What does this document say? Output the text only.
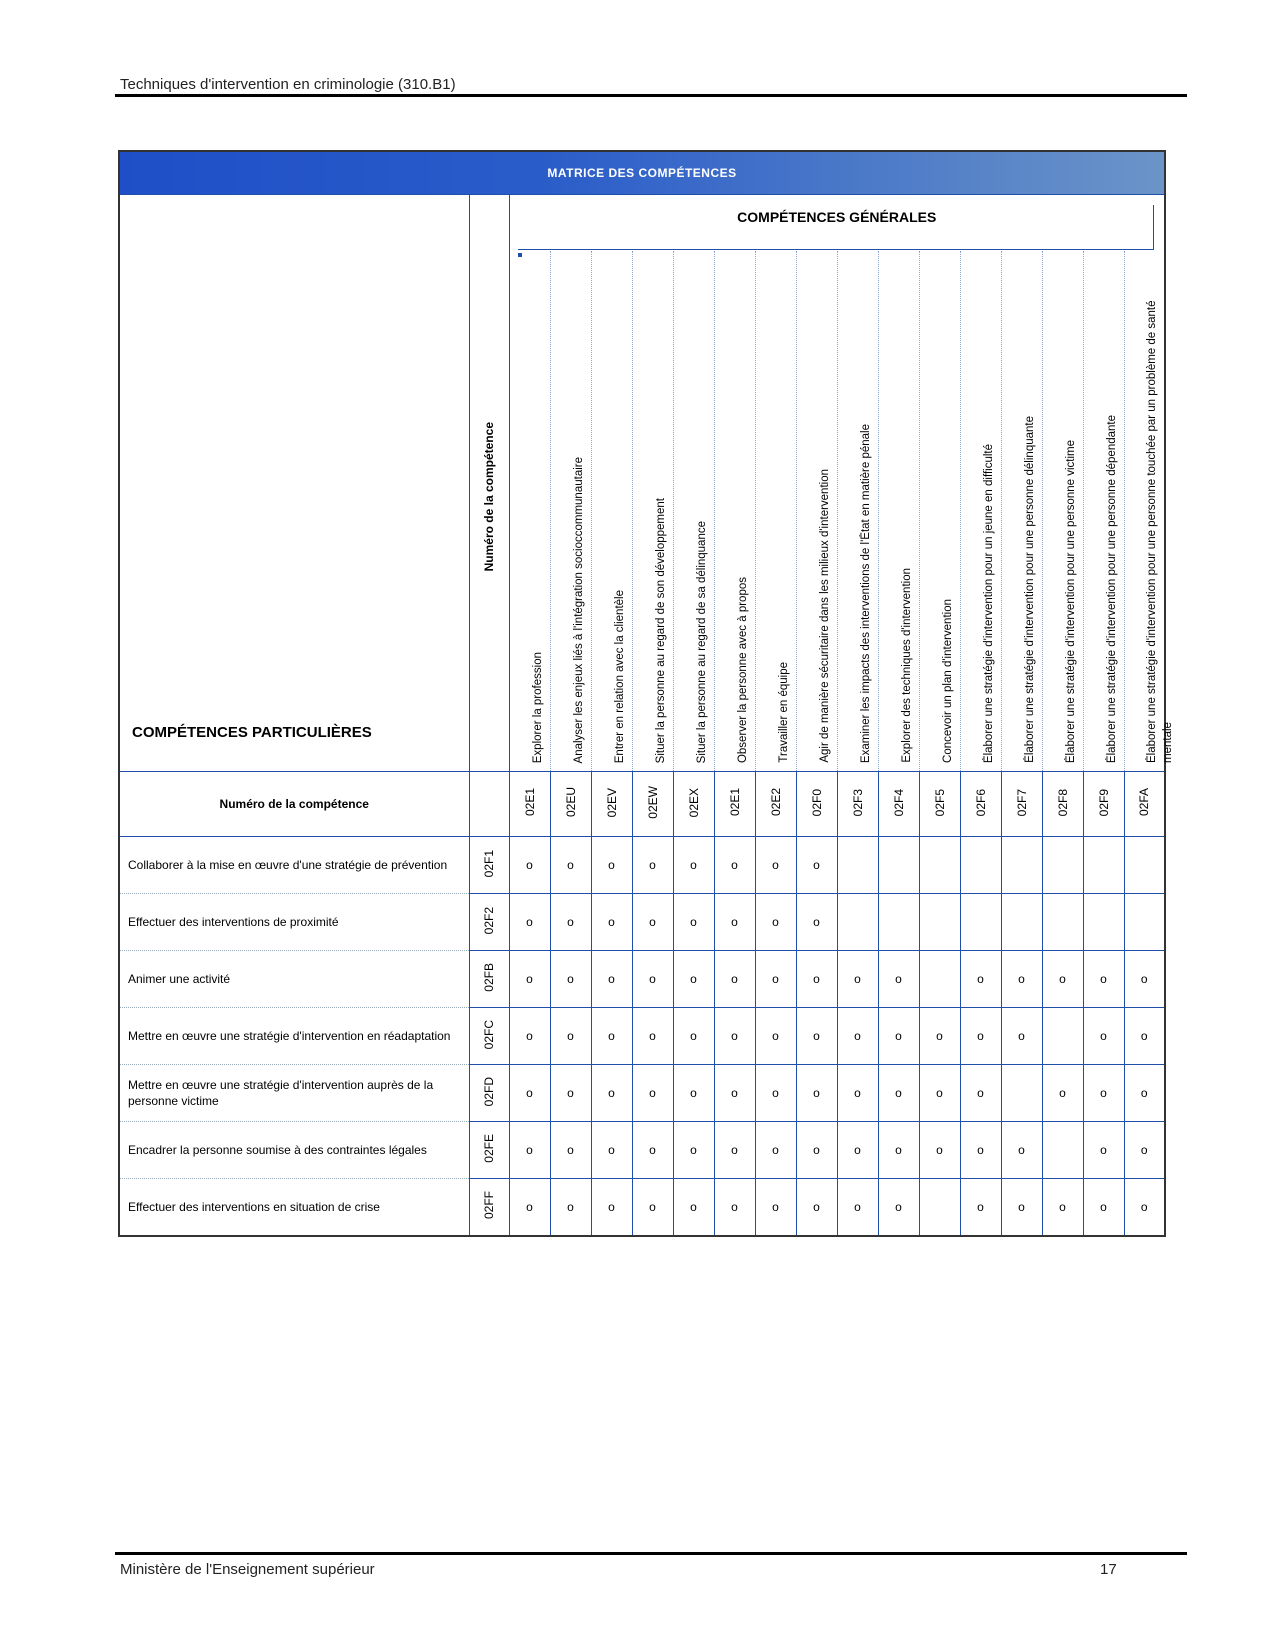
Techniques d'intervention en criminologie (310.B1)
MATRICE DES COMPÉTENCES																	
COMPÉTENCES PARTICULIÈRES	Numéro de la compétence	COMPÉTENCES GÉNÉRALES															

		Explorer la profession	Analyser les enjeux liés à l'intégration socioccommunautaire	Entrer en relation avec la clientèle	Situer la personne au regard de son développement	Situer la personne au regard de sa délinquance	Observer la personne avec à propos	Travailler en équipe	Agir de manière sécuritaire dans les milieux d'intervention	Examiner les impacts des interventions de l'État en matière pénale	Explorer des techniques d'intervention	Concevoir un plan d'intervention	Élaborer une stratégie d'intervention pour un jeune en difficulté	Élaborer une stratégie d'intervention pour une personne délinquante	Élaborer une stratégie d'intervention pour une personne victime	Élaborer une stratégie d'intervention pour une personne dépendante	Élaborer une stratégie d'intervention pour une personne touchée par un problème de santé mentale

Numéro de la compétence		02E1	02EU	02EV	02EW	02EX	02E1	02E2	02F0	02F3	02F4	02F5	02F6	02F7	02F8	02F9	02FA
Collaborer à la mise en œuvre d'une stratégie de prévention	02F1	o	o	o	o	o	o	o	o								
Effectuer des interventions de proximité	02F2	o	o	o	o	o	o	o	o								
Animer une activité	02FB	o	o	o	o	o	o	o	o	o	o		o	o	o	o	o
Mettre en œuvre une stratégie d'intervention en réadaptation	02FC	o	o	o	o	o	o	o	o	o	o	o	o	o		o	o
Mettre en œuvre une stratégie d'intervention auprès de la personne victime	02FD	o	o	o	o	o	o	o	o	o	o	o	o		o	o	o
Encadrer la personne soumise à des contraintes légales	02FE	o	o	o	o	o	o	o	o	o	o	o	o	o		o	o
Effectuer des interventions en situation de crise	02FF	o	o	o	o	o	o	o	o	o	o		o	o	o	o	o
Ministère de l'Enseignement supérieur	17
